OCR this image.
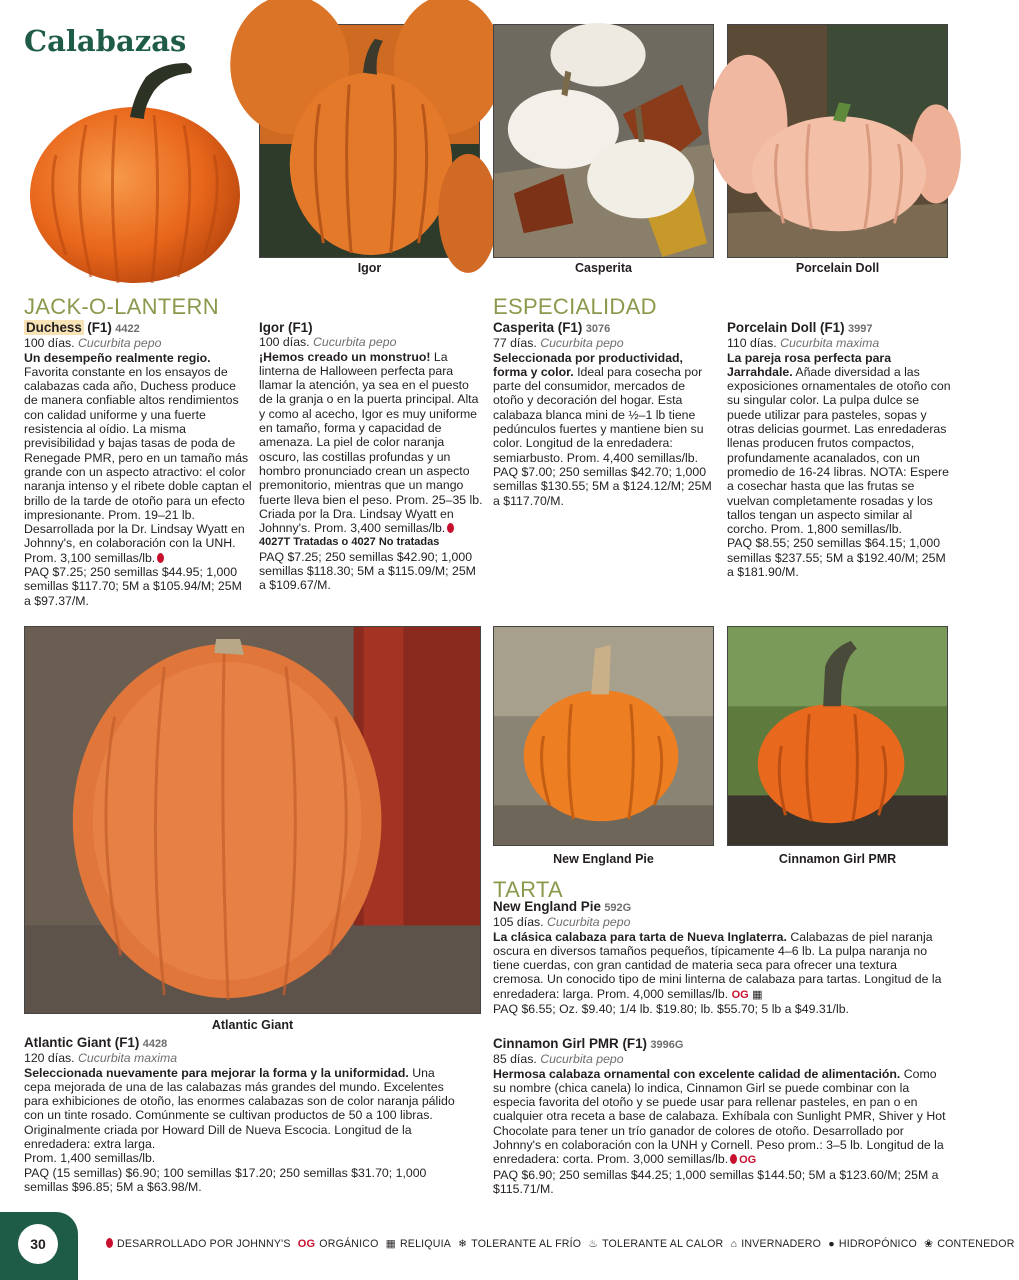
Calabazas
Igor	Casperita	Porcelain Doll
JACK-O-LANTERN	ESPECIALIDAD
Duchess (F1) 4422
100 días. Cucurbita pepo
Un desempeño realmente regio.
Favorita constante en los ensayos de calabazas cada año, Duchess produce de manera confiable altos rendimientos con calidad uniforme y una fuerte resistencia al oídio. La misma previsibilidad y bajas tasas de poda de Renegade PMR, pero en un tamaño más grande con un aspecto atractivo: el color naranja intenso y el ribete doble captan el brillo de la tarde de otoño para un efecto impresionante. Prom. 19–21 lb. Desarrollada por la Dr. Lindsay Wyatt en Johnny's, en colaboración con la UNH. Prom. 3,100 semillas/lb.
PAQ $7.25; 250 semillas $44.95; 1,000 semillas $117.70; 5M a $105.94/M; 25M a $97.37/M.
Igor (F1)
100 días. Cucurbita pepo
¡Hemos creado un monstruo! La linterna de Halloween perfecta para llamar la atención, ya sea en el puesto de la granja o en la puerta principal. Alta y como al acecho, Igor es muy uniforme en tamaño, forma y capacidad de amenaza. La piel de color naranja oscuro, las costillas profundas y un hombro pronunciado crean un aspecto premonitorio, mientras que un mango fuerte lleva bien el peso. Prom. 25–35 lb. Criada por la Dra. Lindsay Wyatt en Johnny's. Prom. 3,400 semillas/lb.
4027T Tratadas o 4027 No tratadas
PAQ $7.25; 250 semillas $42.90; 1,000 semillas $118.30; 5M a $115.09/M; 25M a $109.67/M.
Casperita (F1) 3076
77 días. Cucurbita pepo
Seleccionada por productividad, forma y color. Ideal para cosecha por parte del consumidor, mercados de otoño y decoración del hogar. Esta calabaza blanca mini de ½–1 lb tiene pedúnculos fuertes y mantiene bien su color. Longitud de la enredadera: semiarbusto. Prom. 4,400 semillas/lb.
PAQ $7.00; 250 semillas $42.70; 1,000 semillas $130.55; 5M a $124.12/M; 25M a $117.70/M.
Porcelain Doll (F1) 3997
110 días. Cucurbita maxima
La pareja rosa perfecta para Jarrahdale. Añade diversidad a las exposiciones ornamentales de otoño con su singular color. La pulpa dulce se puede utilizar para pasteles, sopas y otras delicias gourmet. Las enredaderas llenas producen frutos compactos, profundamente acanalados, con un promedio de 16-24 libras. NOTA: Espere a cosechar hasta que las frutas se vuelvan completamente rosadas y los tallos tengan un aspecto similar al corcho. Prom. 1,800 semillas/lb.
PAQ $8.55; 250 semillas $64.15; 1,000 semillas $237.55; 5M a $192.40/M; 25M a $181.90/M.
Atlantic Giant
New England Pie	Cinnamon Girl PMR
TARTA
New England Pie 592G
105 días. Cucurbita pepo
La clásica calabaza para tarta de Nueva Inglaterra. Calabazas de piel naranja oscura en diversos tamaños pequeños, típicamente 4–6 lb. La pulpa naranja no tiene cuerdas, con gran cantidad de materia seca para ofrecer una textura cremosa. Un conocido tipo de mini linterna de calabaza para tartas. Longitud de la enredadera: larga. Prom. 4,000 semillas/lb. OG ▦
PAQ $6.55; Oz. $9.40; 1/4 lb. $19.80; lb. $55.70; 5 lb a $49.31/lb.
Atlantic Giant (F1) 4428
120 días. Cucurbita maxima
Seleccionada nuevamente para mejorar la forma y la uniformidad. Una cepa mejorada de una de las calabazas más grandes del mundo. Excelentes para exhibiciones de otoño, las enormes calabazas son de color naranja pálido con un tinte rosado. Comúnmente se cultivan productos de 50 a 100 libras. Originalmente criada por Howard Dill de Nueva Escocia. Longitud de la enredadera: extra larga.
Prom. 1,400 semillas/lb.
PAQ (15 semillas) $6.90; 100 semillas $17.20; 250 semillas $31.70; 1,000 semillas $96.85; 5M a $63.98/M.
Cinnamon Girl PMR (F1) 3996G
85 días. Cucurbita pepo
Hermosa calabaza ornamental con excelente calidad de alimentación. Como su nombre (chica canela) lo indica, Cinnamon Girl se puede combinar con la especia favorita del otoño y se puede usar para rellenar pasteles, en pan o en cualquier otra receta a base de calabaza. Exhíbala con Sunlight PMR, Shiver y Hot Chocolate para tener un trío ganador de colores de otoño. Desarrollado por Johnny's en colaboración con la UNH y Cornell. Peso prom.: 3–5 lb. Longitud de la enredadera: corta. Prom. 3,000 semillas/lb. OG
PAQ $6.90; 250 semillas $44.25; 1,000 semillas $144.50; 5M a $123.60/M; 25M a $115.71/M.
30	DESARROLLADO POR JOHNNY'S OG ORGÁNICO ▦ RELIQUIA ❄ TOLERANTE AL FRÍO ♨ TOLERANTE AL CALOR ⌂ INVERNADERO ● HIDROPÓNICO ❀ CONTENEDOR
